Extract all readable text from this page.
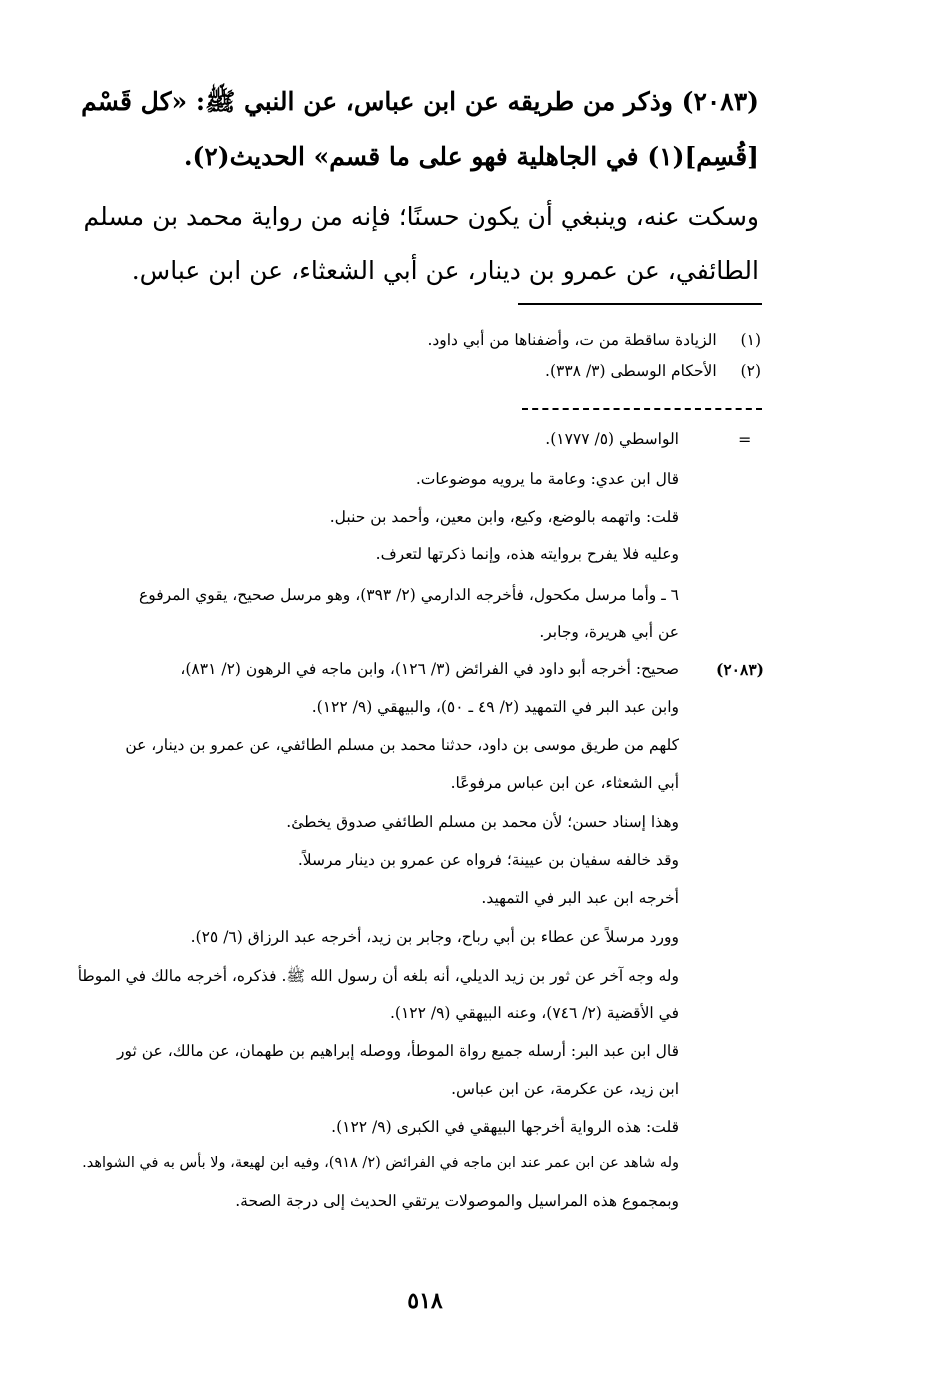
(٢٠٨٣) وذكر من طريقه عن ابن عباس، عن النبي ﷺ: «كل قَسْم
[قُسِم](١) في الجاهلية فهو على ما قسم» الحديث(٢).
وسكت عنه، وينبغي أن يكون حسنًا؛ فإنه من رواية محمد بن مسلم
الطائفي، عن عمرو بن دينار، عن أبي الشعثاء، عن ابن عباس.
(١)  الزيادة ساقطة من ت، وأضفناها من أبي داود.
(٢)  الأحكام الوسطى (٣/ ٣٣٨).
=
الواسطي (٥/ ١٧٧٧).
قال ابن عدي: وعامة ما يرويه موضوعات.
قلت: واتهمه بالوضع، وكيع، وابن معين، وأحمد بن حنبل.
وعليه فلا يفرح بروايته هذه، وإنما ذكرتها لتعرف.
٦ ـ وأما مرسل مكحول، فأخرجه الدارمي (٢/ ٣٩٣)، وهو مرسل صحيح، يقوي المرفوع
عن أبي هريرة، وجابر.
(٢٠٨٣)
صحيح: أخرجه أبو داود في الفرائض (٣/ ١٢٦)، وابن ماجه في الرهون (٢/ ٨٣١)،
وابن عبد البر في التمهيد (٢/ ٤٩ ـ ٥٠)، والبيهقي (٩/ ١٢٢).
كلهم من طريق موسى بن داود، حدثنا محمد بن مسلم الطائفي، عن عمرو بن دينار، عن
أبي الشعثاء، عن ابن عباس مرفوعًا.
وهذا إسناد حسن؛ لأن محمد بن مسلم الطائفي صدوق يخطئ.
وقد خالفه سفيان بن عيينة؛ فرواه عن عمرو بن دينار مرسلاً.
أخرجه ابن عبد البر في التمهيد.
وورد مرسلاً عن عطاء بن أبي رباح، وجابر بن زيد، أخرجه عبد الرزاق (٦/ ٢٥).
وله وجه آخر عن ثور بن زيد الديلي، أنه بلغه أن رسول الله ﷺ. فذكره، أخرجه مالك في الموطأ
في الأقضية (٢/ ٧٤٦)، وعنه البيهقي (٩/ ١٢٢).
قال ابن عبد البر: أرسله جميع رواة الموطأ، ووصله إبراهيم بن طهمان، عن مالك، عن ثور
ابن زيد، عن عكرمة، عن ابن عباس.
قلت: هذه الرواية أخرجها البيهقي في الكبرى (٩/ ١٢٢).
وله شاهد عن ابن عمر عند ابن ماجه في الفرائض (٢/ ٩١٨)، وفيه ابن لهيعة، ولا بأس به في الشواهد.
وبمجموع هذه المراسيل والموصولات يرتقي الحديث إلى درجة الصحة.
٥١٨
